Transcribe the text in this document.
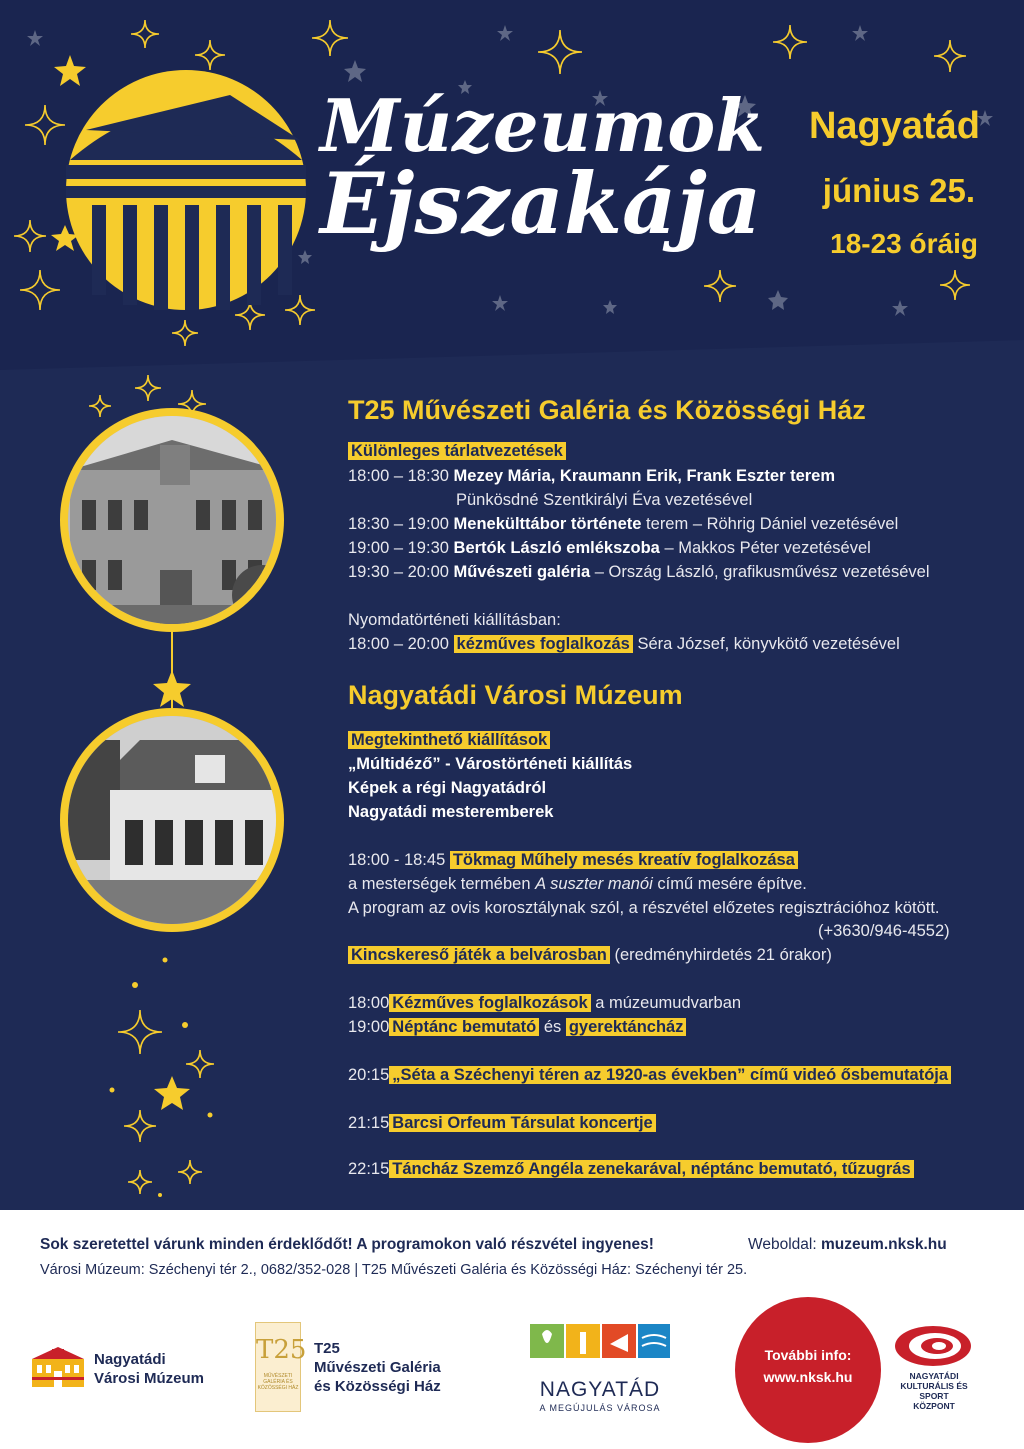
Múzeumok
Éjszakája
Nagyatád
június 25.
18-23 óráig
T25 Művészeti Galéria és Közösségi Ház
Különleges tárlatvezetések
18:00 – 18:30 Mezey Mária, Kraumann Erik, Frank Eszter terem
Pünkösdné Szentkirályi Éva vezetésével
18:30 – 19:00 Menekülttábor története terem – Röhrig Dániel vezetésével
19:00 – 19:30 Bertók László emlékszoba – Makkos Péter vezetésével
19:30 – 20:00 Művészeti galéria – Ország László, grafikusművész vezetésével
Nyomdatörténeti kiállításban:
18:00 – 20:00 kézműves foglalkozás Séra József, könyvkötő vezetésével
Nagyatádi Városi Múzeum
Megtekinthető kiállítások
„Múltidéző” - Várostörténeti kiállítás
Képek a régi Nagyatádról
Nagyatádi mesteremberek
18:00 - 18:45 Tökmag Műhely mesés kreatív foglalkozása
a mesterségek termében A suszter manói című mesére építve.
A program az ovis korosztálynak szól, a részvétel előzetes regisztrációhoz kötött.
(+3630/946-4552)
Kincskereső játék a belvárosban (eredményhirdetés 21 órakor)
18:00 Kézműves foglalkozások a múzeumudvarban
19:00 Néptánc bemutató és gyerektáncház
20:15 „Séta a Széchenyi téren az 1920-as években” című videó ősbemutatója
21:15 Barcsi Orfeum Társulat koncertje
22:15 Táncház Szemző Angéla zenekarával, néptánc bemutató, tűzugrás
Sok szeretettel várunk minden érdeklődőt! A programokon való részvétel ingyenes!	Weboldal: muzeum.nksk.hu
Városi Múzeum: Széchenyi tér 2., 0682/352-028 | T25 Művészeti Galéria és Közösségi Ház: Széchenyi tér 25.
Nagyatádi
Városi Múzeum
T25
MŰVÉSZETI GALÉRIA ÉS KÖZÖSSÉGI HÁZ
T25
Művészeti Galéria
és Közösségi Ház	NAGYATÁD
A MEGÚJULÁS VÁROSA
További info:
www.nksk.hu	NAGYATÁDI KULTURÁLIS ÉS SPORT KÖZPONT
